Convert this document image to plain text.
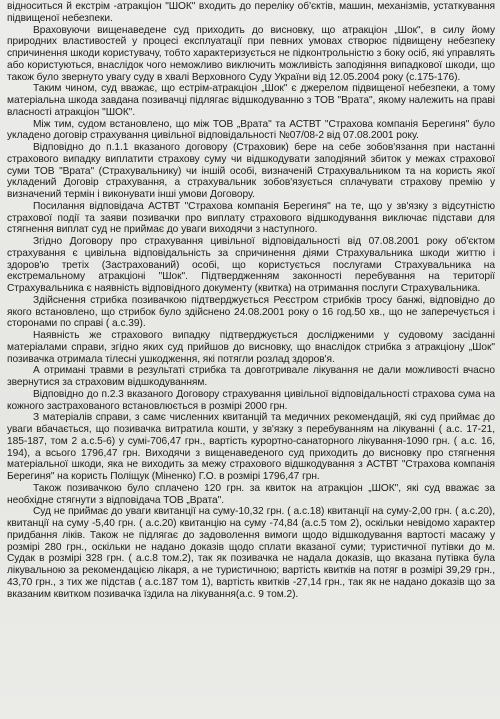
відноситься й екстрім -атракціон "ШОК" входить до переліку об'єктів, машин, механізмів, устаткування підвищеної небезпеки.

Враховуючи вищенаведене суд приходить до висновку, що атракціон „Шок", в силу йому природних властивостей у процесі експлуатації при певних умовах створює підвищену небезпеку спричинення шкоди користувачу, тобто характеризується не підконтрольністю з боку осіб, які управлять або користуються, внаслідок чого неможливо виключить можливість заподіяння випадкової шкоди, що також було звернуто увагу суду в хвалі Верховного Суду України від 12.05.2004 року (с.175-176).

Таким чином, суд вважає, що естрім-атракціон „Шок" є джерелом підвищеної небезпеки, а тому матеріальна шкода завдана позивачці підлягає відшкодуванню з ТОВ "Врата", якому належить на праві власності атракціон "ШОК".

Між тим, судом встановлено, що між ТОВ „Врата" та АСТВТ "Страхова компанія Берегиня" було укладено договір страхування цивільної відповідальності №07/08-2 від 07.08.2001 року.

Відповідно до п.1.1 вказаного договору (Страховик) бере на себе зобов'язання при настанні страхового випадку виплатити страхову суму чи відшкодувати заподіяний збиток у межах страхової суми ТОВ "Врата" (Страхувальнику) чи іншій особі, визначеній Страхувальником та на користь якої укладений Договір страхування, а страхувальник зобов'язується сплачувати страхову премію у визначений термін і виконувати інші умови Договору.

Посилання відповідача АСТВТ "Страхова компанія Берегиня" на те, що у зв'язку з відсутністю страхової події та заяви позивачки про виплату страхового відшкодування виключає підстави для стягнення виплат суд не приймає до уваги виходячи з наступного.

Згідно Договору про страхування цивільної відповідальності від 07.08.2001 року об'єктом страхування є цивільна відповідальність за спричинення діями Страхувальника шкоди життю і здоров'ю третіх (Застрахований) особі, що користується послугами Страхувальника на екстремальному атракціоні "Шок". Підтвердженням законності перебування на території Страхувальника є наявність відповідного документу (квитка) на отримання послуги Страхувальника.

Здійснення стрибка позивачкою підтверджується Реєстром стрибків тросу банжі, відповідно до якого встановлено, що стрибок було здійснено 24.08.2001 року о 16 год.50 хв., що не заперечується і сторонами по справі ( а.с.39).

Наявність же страхового випадку підтверджується дослідженими у судовому засіданні матеріалами справи, згідно яких суд прийшов до висновку, що внаслідок стрибка з атракціону „Шок" позивачка отримала тілесні ушкодження, які потягли розлад здоров'я.

А отримані травми в результаті стрибка та довготривале лікування не дали можливості вчасно звернутися за страховим відшкодуванням.

Відповідно до п.2.3 вказаного Договору страхування цивільної відповідальності страхова сума на кожного застрахованого встановлюється в розмірі 2000 грн.

З матеріалів справи, з самє численних квитанцій та медичних рекомендацій, які суд приймає до уваги вбачається, що позивачка витратила кошти, у зв'язку з перебуванням на лікуванні ( а.с. 17-21, 185-187, том 2 а.с.5-6) у сумі-706,47 грн., вартість курортно-санаторного лікування-1090 грн. ( а.с. 16, 194), а всього 1796,47 грн. Виходячи з вищенаведеного суд приходить до висновку про стягнення матеріальної шкоди, яка не виходить за межу страхового відшкодування з АСТВТ "Страхова компанія Берегиня" на користь Поліщук (Міненко) Г.О. в розмірі 1796,47 грн.

Також позивачкою було сплачено 120 грн. за квиток на атракціон „ШОК", які суд вважає за необхідне стягнути з відповідача ТОВ „Врата".

Суд не приймає до уваги квитанції на суму-10,32 грн. ( а.с.18) квитанції на суму-2,00 грн. ( а.с.20), квитанції на суму -5,40 грн. ( а.с.20) квитанцію на суму -74,84 (а.с.5 том 2), оскільки невідомо характер придбання ліків. Також не підлягає до задоволення вимоги щодо відшкодування вартості масажу у розмірі 280 грн., оскільки не надано доказів щодо сплати вказаної суми; туристичної путівки до м. Судак в розмірі 328 грн. ( а.с.8 том.2), так як позивачка не надала доказів, що вказана путівка була лікувальною за рекомендацією лікаря, а не туристичною; вартість квитків на потяг в розмірі 39,29 грн., 43,70 грн., з тих же підстав ( а.с.187 том 1), вартість квитків -27,14 грн., так як не надано доказів що за вказаним квитком позивачка їздила на лікування(а.с. 9 том.2).
